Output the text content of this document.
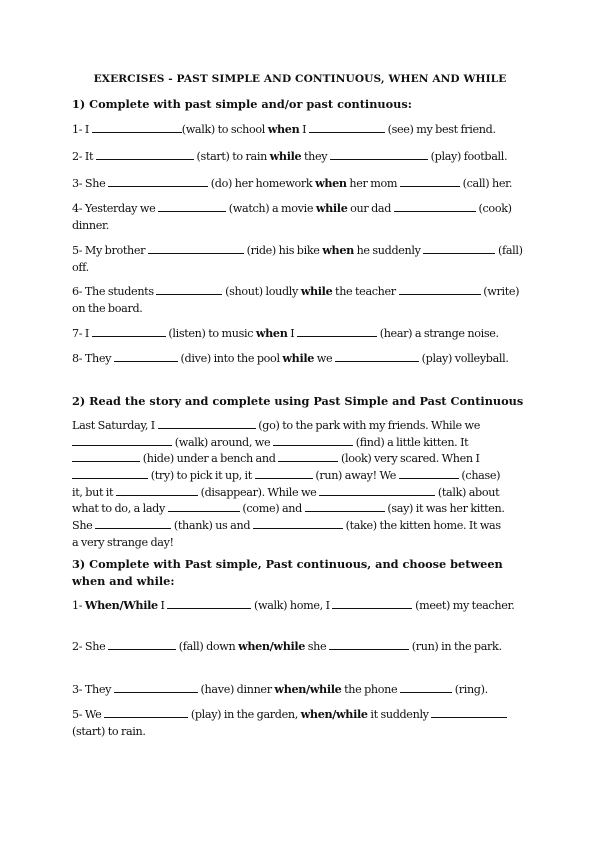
EXERCISES - PAST SIMPLE AND CONTINUOUS, WHEN AND WHILE
1) Complete with past simple and/or past continuous:
1- I	(walk) to school when I	(see) my best friend.
2- It	(start) to rain while they	(play) football.
3- She	(do) her homework when her mom	(call) her.
4- Yesterday we	(watch) a movie while our dad	(cook) dinner.
5- My brother	(ride) his bike when he suddenly	(fall) off.
6- The students	(shout) loudly while the teacher	(write) on the board.
7- I	(listen) to music when I	(hear) a strange noise.
8- They	(dive) into the pool while we	(play) volleyball.
2) Read the story and complete using Past Simple and Past Continuous
Last Saturday, I	(go) to the park with my friends. While we
(walk) around, we	(find) a little kitten. It
(hide) under a bench and	(look) very scared. When I
(try) to pick it up, it	(run) away! We	(chase)
it, but it	(disappear). While we	(talk) about
what to do, a lady	(come) and	(say) it was her kitten.
She	(thank) us and	(take) the kitten home. It was
a very strange day!
3) Complete with Past simple, Past continuous, and choose between
when and while:
1- When/While I	(walk) home, I	(meet) my teacher.
2- She	(fall) down when/while she	(run) in the park.
3- They	(have) dinner when/while the phone	(ring).
5- We	(play) in the garden, when/while it suddenly  (start) to rain.
